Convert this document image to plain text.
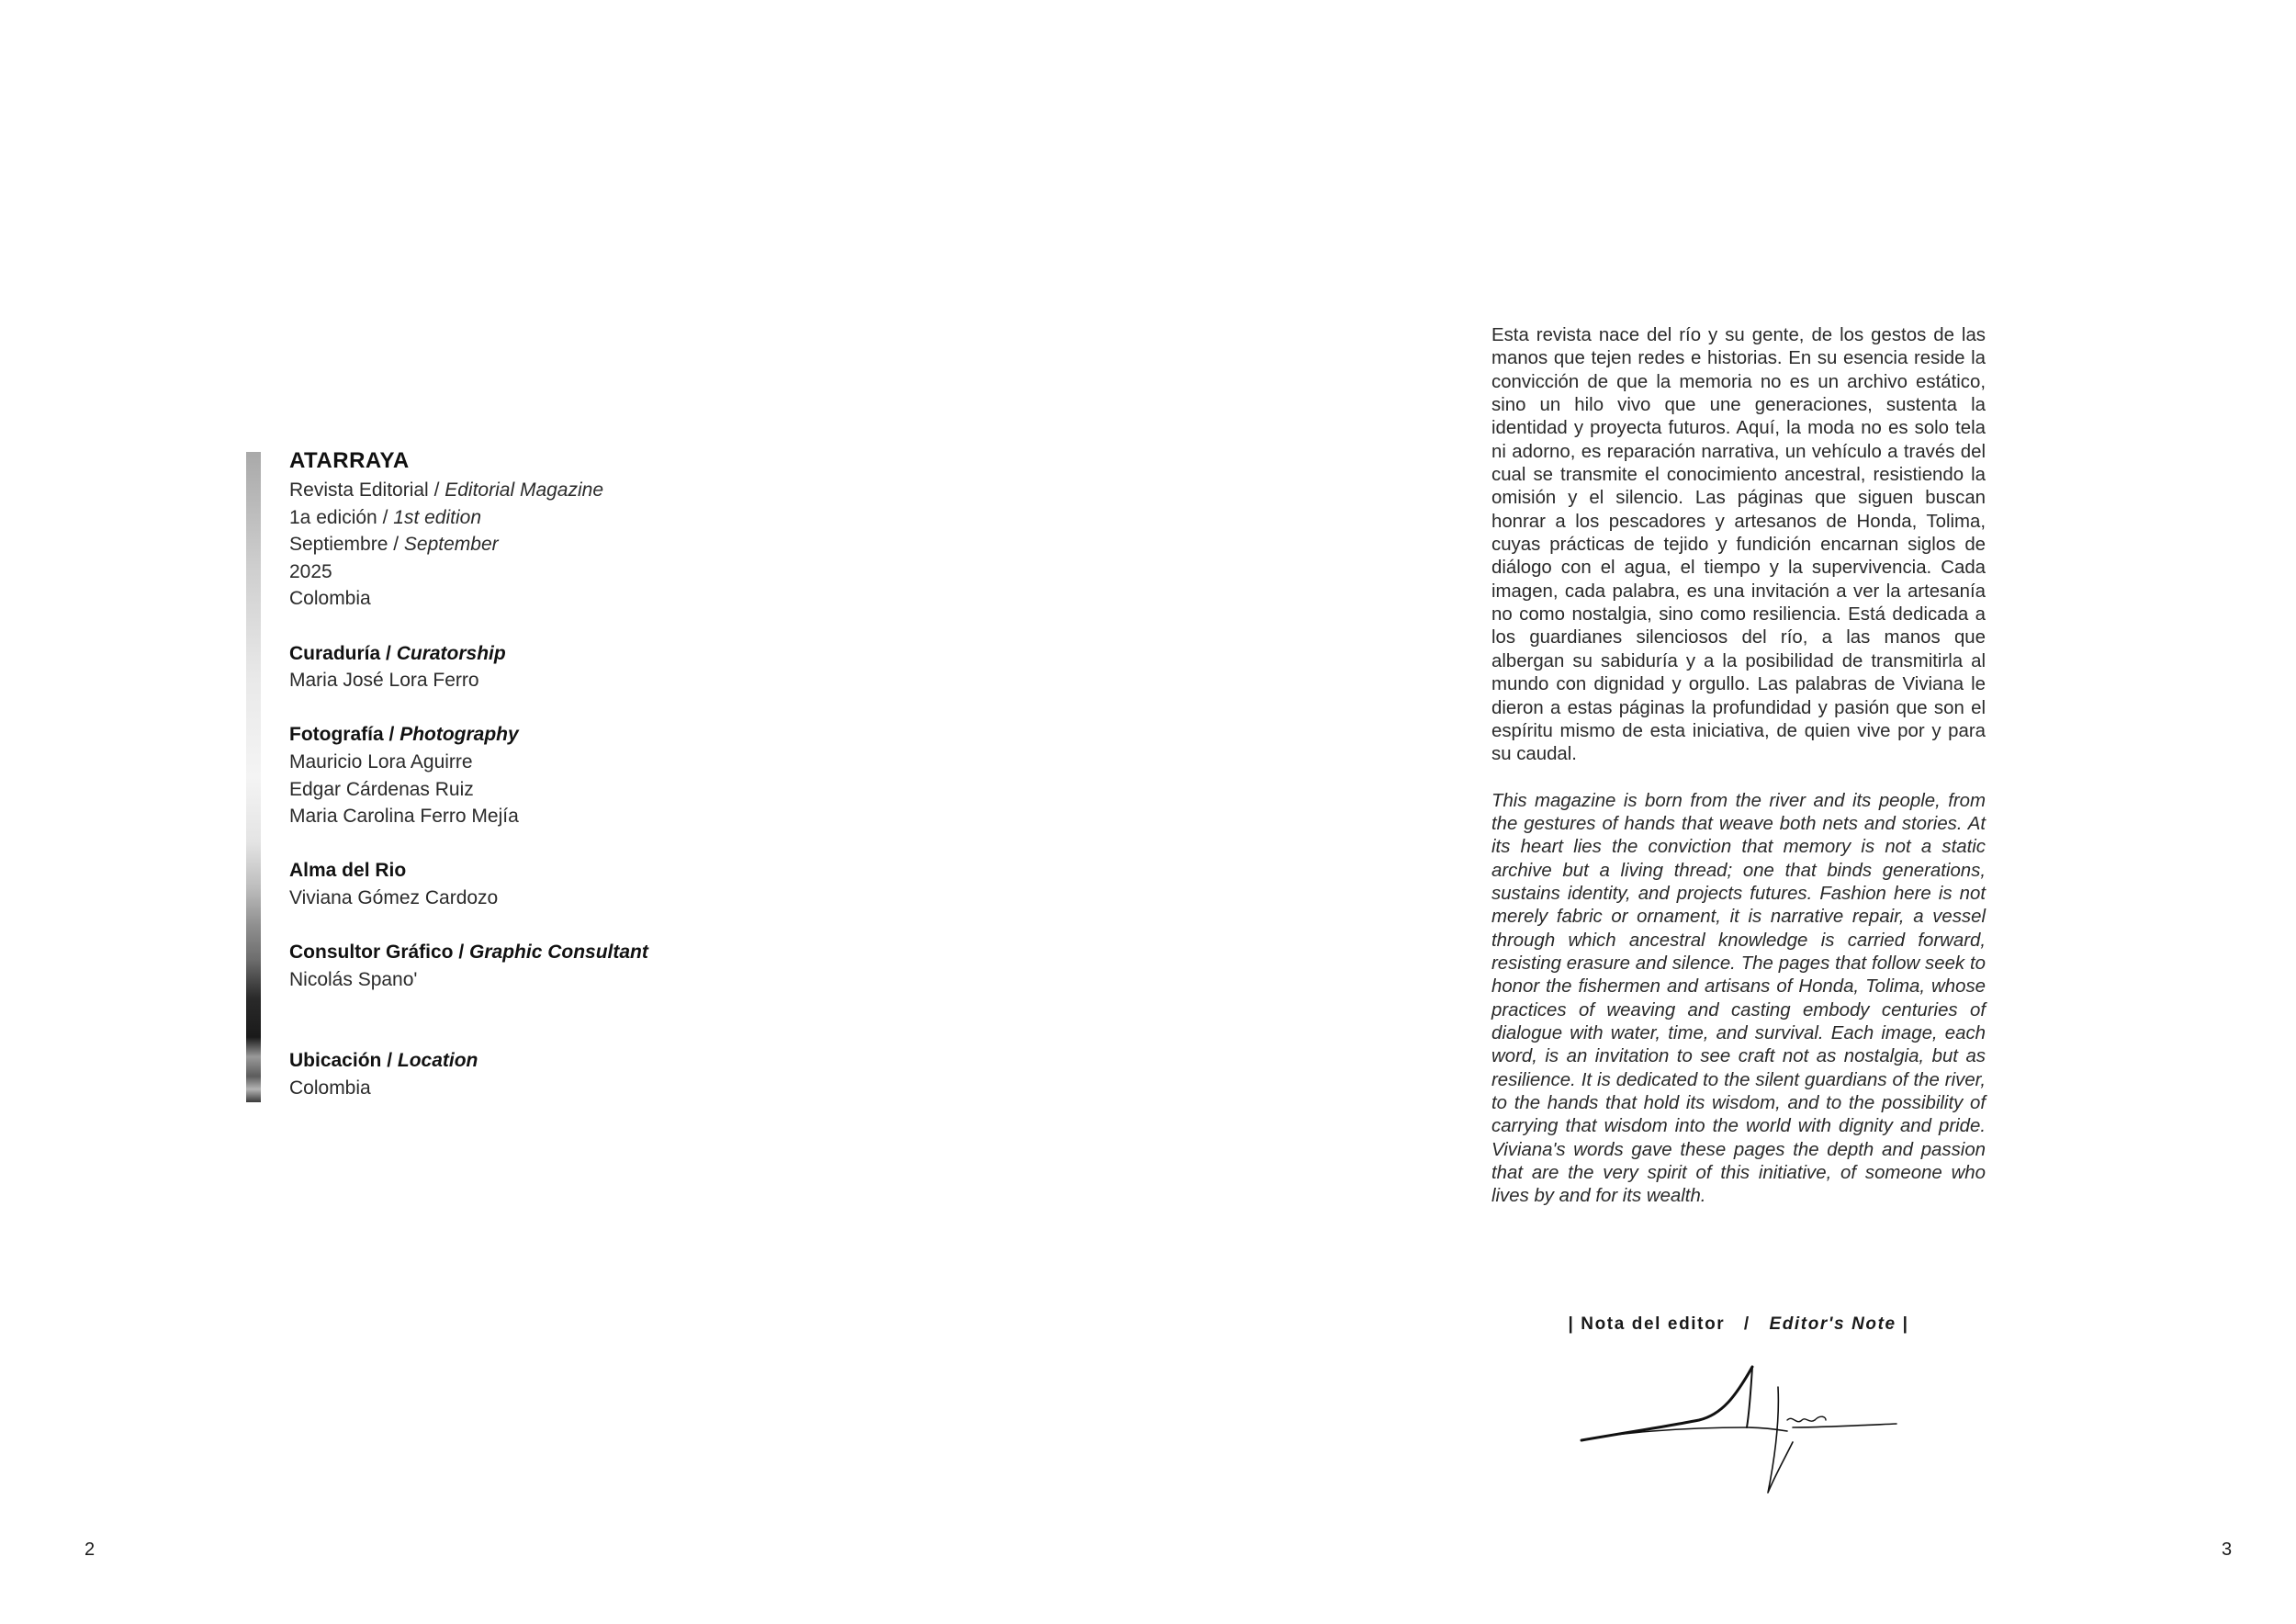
ATARRAYA
Revista Editorial / Editorial Magazine
1a edición / 1st edition
Septiembre / September
2025
Colombia
Curaduría / Curatorship
Maria José Lora Ferro
Fotografía / Photography
Mauricio Lora Aguirre
Edgar Cárdenas Ruiz
Maria Carolina Ferro Mejía
Alma del Rio
Viviana Gómez Cardozo
Consultor Gráfico / Graphic Consultant
Nicolás Spano'
Ubicación / Location
Colombia
2

Esta revista nace del río y su gente, de los gestos de las manos que tejen redes e historias. En su esencia reside la convicción de que la memoria no es un archivo estático, sino un hilo vivo que une generaciones, sustenta la identidad y proyecta futuros. Aquí, la moda no es solo tela ni adorno, es reparación narrativa, un vehículo a través del cual se transmite el conocimiento ancestral, resistiendo la omisión y el silencio. Las páginas que siguen buscan honrar a los pescadores y artesanos de Honda, Tolima, cuyas prácticas de tejido y fundición encarnan siglos de diálogo con el agua, el tiempo y la supervivencia. Cada imagen, cada palabra, es una invitación a ver la artesanía no como nostalgia, sino como resiliencia. Está dedicada a los guardianes silenciosos del río, a las manos que albergan su sabiduría y a la posibilidad de transmitirla al mundo con dignidad y orgullo. Las palabras de Viviana le dieron a estas páginas la profundidad y pasión que son el espíritu mismo de esta iniciativa, de quien vive por y para su caudal.

This magazine is born from the river and its people, from the gestures of hands that weave both nets and stories. At its heart lies the conviction that memory is not a static archive but a living thread; one that binds generations, sustains identity, and projects futures. Fashion here is not merely fabric or ornament, it is narrative repair, a vessel through which ancestral knowledge is carried forward, resisting erasure and silence. The pages that follow seek to honor the fishermen and artisans of Honda, Tolima, whose practices of weaving and casting embody centuries of dialogue with water, time, and survival. Each image, each word, is an invitation to see craft not as nostalgia, but as resilience. It is dedicated to the silent guardians of the river, to the hands that hold its wisdom, and to the possibility of carrying that wisdom into the world with dignity and pride. Viviana's words gave these pages the depth and passion that are the very spirit of this initiative, of someone who lives by and for its wealth.

| Nota del editor   /   Editor's Note |
3
